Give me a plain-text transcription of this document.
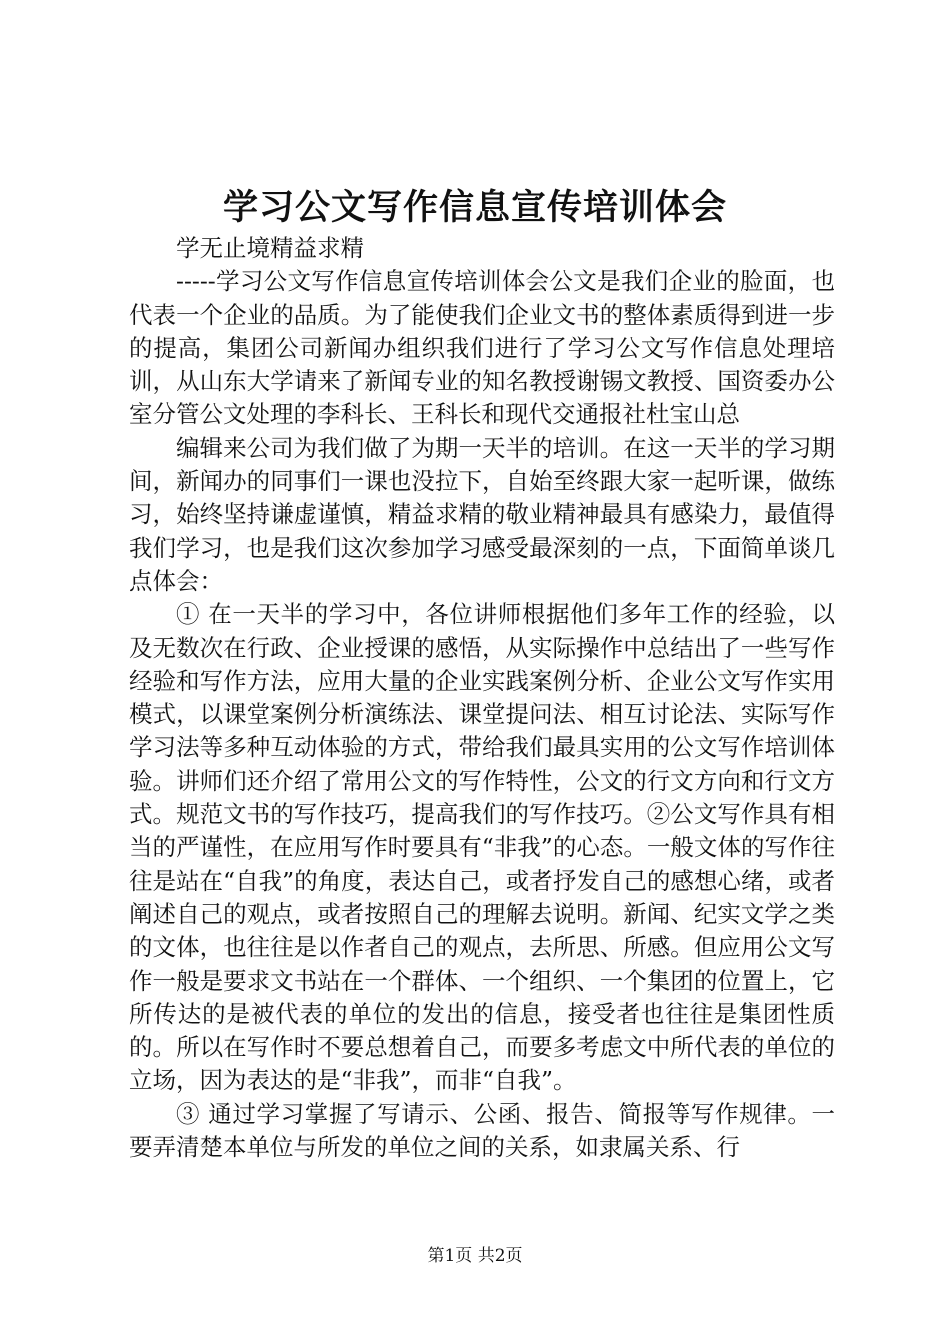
学习公文写作信息宣传培训体会

学无止境精益求精

-----学习公文写作信息宣传培训体会公文是我们企业的脸面，也代表一个企业的品质。为了能使我们企业文书的整体素质得到进一步的提高，集团公司新闻办组织我们进行了学习公文写作信息处理培训，从山东大学请来了新闻专业的知名教授谢锡文教授、国资委办公室分管公文处理的李科长、王科长和现代交通报社杜宝山总

编辑来公司为我们做了为期一天半的培训。在这一天半的学习期间，新闻办的同事们一课也没拉下，自始至终跟大家一起听课，做练习，始终坚持谦虚谨慎，精益求精的敬业精神最具有感染力，最值得我们学习，也是我们这次参加学习感受最深刻的一点，下面简单谈几点体会：

① 在一天半的学习中，各位讲师根据他们多年工作的经验，以及无数次在行政、企业授课的感悟，从实际操作中总结出了一些写作经验和写作方法，应用大量的企业实践案例分析、企业公文写作实用模式，以课堂案例分析演练法、课堂提问法、相互讨论法、实际写作学习法等多种互动体验的方式，带给我们最具实用的公文写作培训体验。讲师们还介绍了常用公文的写作特性，公文的行文方向和行文方式。规范文书的写作技巧，提高我们的写作技巧。②公文写作具有相当的严谨性，在应用写作时要具有“非我”的心态。一般文体的写作往往是站在“自我”的角度，表达自己，或者抒发自己的感想心绪，或者阐述自己的观点，或者按照自己的理解去说明。新闻、纪实文学之类的文体，也往往是以作者自己的观点，去所思、所感。但应用公文写作一般是要求文书站在一个群体、一个组织、一个集团的位置上，它所传达的是被代表的单位的发出的信息，接受者也往往是集团性质的。所以在写作时不要总想着自己，而要多考虑文中所代表的单位的立场，因为表达的是“非我”，而非“自我”。

③ 通过学习掌握了写请示、公函、报告、简报等写作规律。一要弄清楚本单位与所发的单位之间的关系，如隶属关系、行

第1页 共2页
